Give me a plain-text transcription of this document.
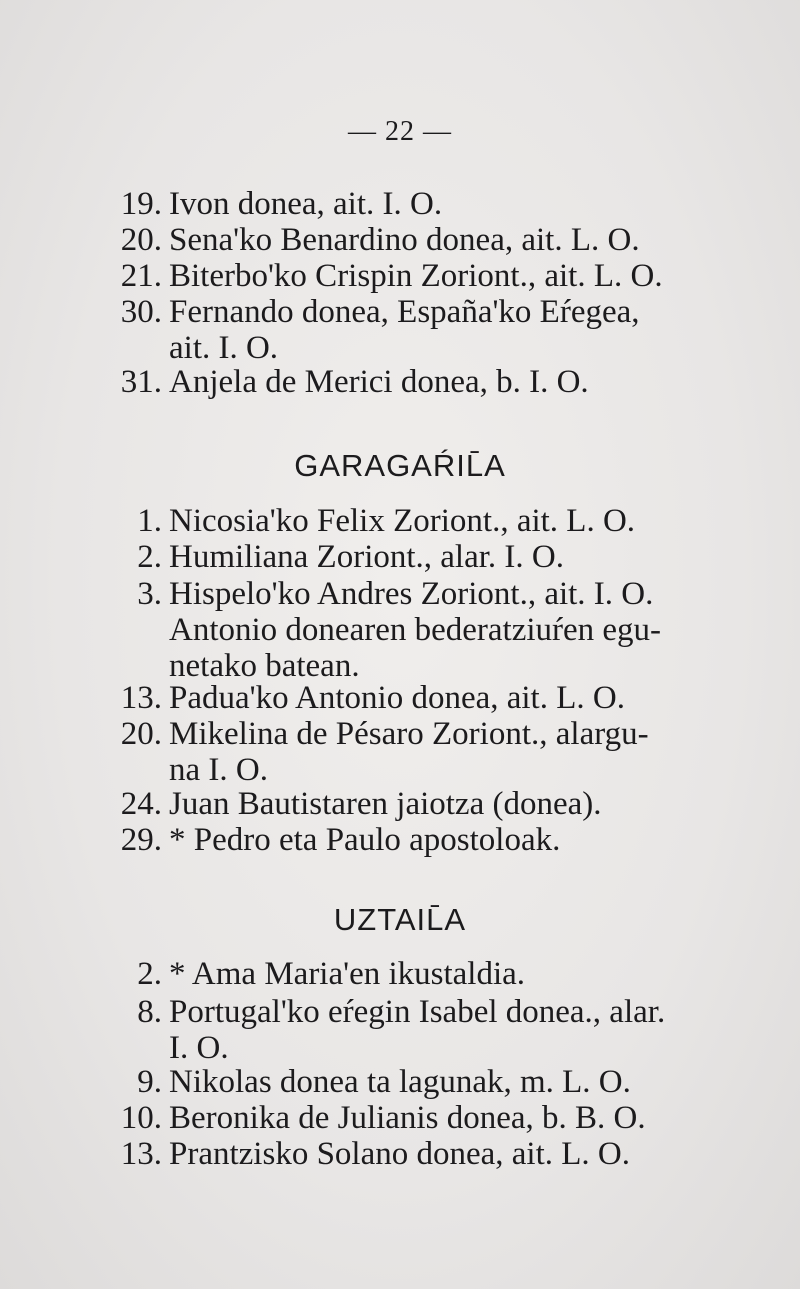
— 22 —
19. Ivon donea, ait. I. O.
20. Sena'ko Benardino donea, ait. L. O.
21. Biterbo'ko Crispin Zoriont., ait. L. O.
30. Fernando donea, España'ko Eŕegea,
ait. I. O.
31. Anjela de Merici donea, b. I. O.
GARAGAŔIL̄A
1. Nicosia'ko Felix Zoriont., ait. L. O.
2. Humiliana Zoriont., alar. I. O.
3. Hispelo'ko Andres Zoriont., ait. I. O.
Antonio donearen bederatziuŕen egu-
netako batean.
13. Padua'ko Antonio donea, ait. L. O.
20. Mikelina de Pésaro Zoriont., alargu-
na I. O.
24. Juan Bautistaren jaiotza (donea).
29. * Pedro eta Paulo apostoloak.
UZTAIL̄A
2. * Ama Maria'en ikustaldia.
8. Portugal'ko eŕegin Isabel donea., alar.
I. O.
9. Nikolas donea ta lagunak, m. L. O.
10. Beronika de Julianis donea, b. B. O.
13. Prantzisko Solano donea, ait. L. O.
